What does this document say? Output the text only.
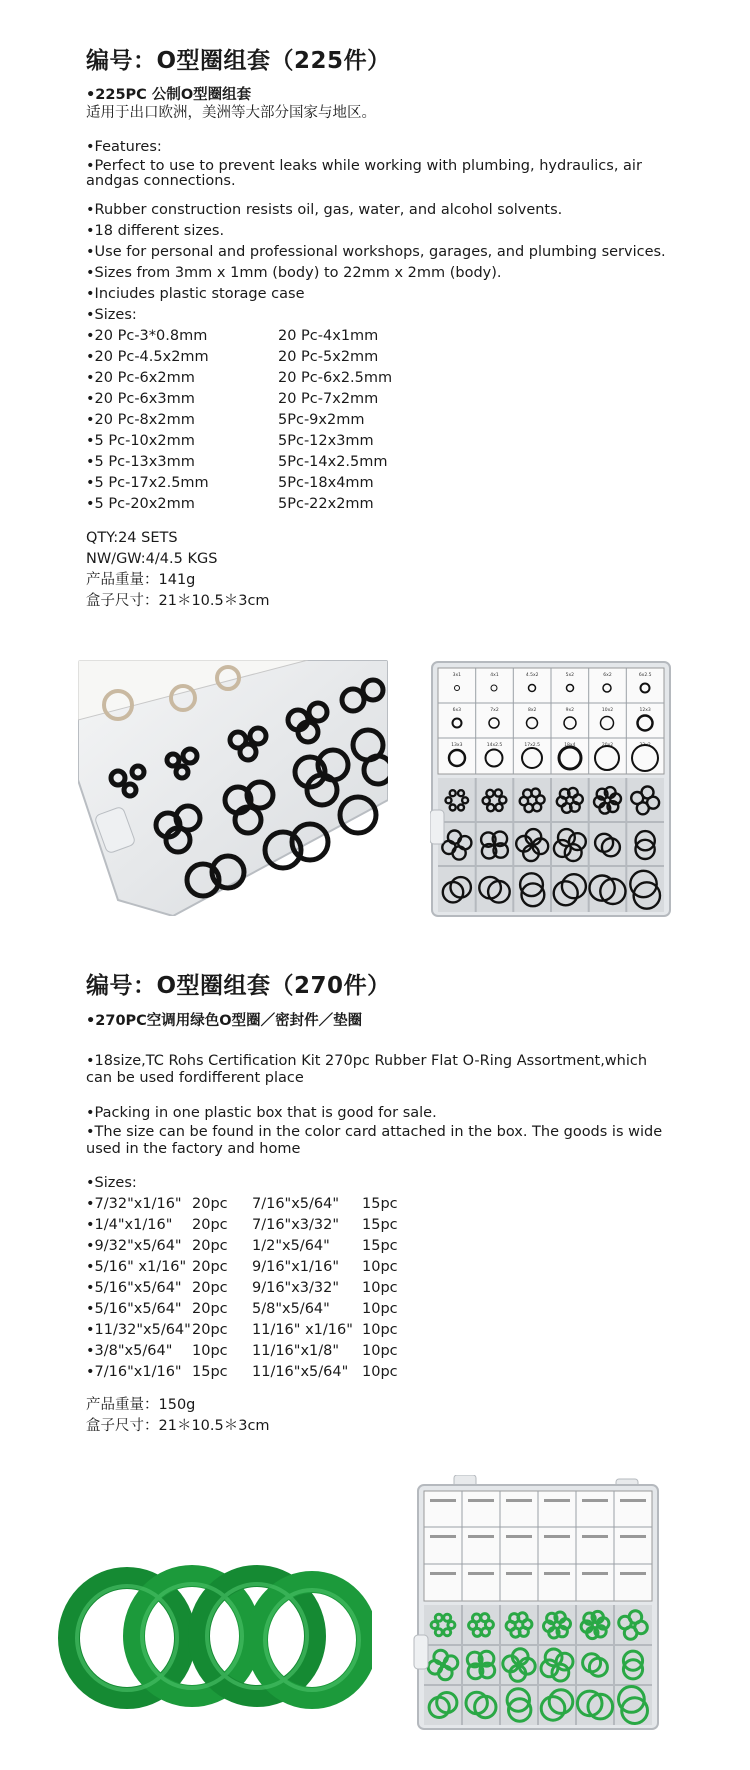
编号：O型圈组套（225件）
•225PC 公制O型圈组套
适用于出口欧洲，美洲等大部分国家与地区。
•Features:
•Perfect to use to prevent leaks while working with plumbing, hydraulics, air andgas connections.
•Rubber construction resists oil, gas, water, and alcohol solvents.
•18 different sizes.
•Use for personal and professional workshops, garages, and plumbing services.
•Sizes from 3mm x 1mm (body) to 22mm x 2mm (body).
•Inciudes plastic storage case
•Sizes:
•20 Pc-3*0.8mm	20 Pc-4x1mm
•20 Pc-4.5x2mm	20 Pc-5x2mm
•20 Pc-6x2mm	20 Pc-6x2.5mm
•20 Pc-6x3mm	20 Pc-7x2mm
•20 Pc-8x2mm	5Pc-9x2mm
•5 Pc-10x2mm	5Pc-12x3mm
•5 Pc-13x3mm	5Pc-14x2.5mm
•5 Pc-17x2.5mm	5Pc-18x4mm
•5 Pc-20x2mm	5Pc-22x2mm
QTY:24 SETS
NW/GW:4/4.5 KGS
产品重量：141g
盒子尺寸：21＊10.5＊3cm
3x1	4x1	4.5x2	5x2	6x2	6x2.5
6x3	7x2	8x2	9x2	10x2	12x3
13x3	14x2.5	17x2.5	18x4	20x2	22x2
编号：O型圈组套（270件）
•270PC空调用绿色O型圈／密封件／垫圈
•18size,TC Rohs Certification Kit 270pc Rubber Flat O-Ring Assortment,which can be used fordifferent place
•Packing in one plastic box that is good for sale.
•The size can be found in the color card attached in the box. The goods is wide used in the factory and home
•Sizes:
•7/32"x1/16" 20pc 7/16"x5/64" 15pc
•1/4"x1/16" 20pc 7/16"x3/32" 15pc
•9/32"x5/64" 20pc 1/2"x5/64" 15pc
•5/16" x1/16" 20pc 9/16"x1/16" 10pc
•5/16"x5/64" 20pc 9/16"x3/32" 10pc
•5/16"x5/64" 20pc 5/8"x5/64" 10pc
•11/32"x5/64" 20pc 11/16" x1/16" 10pc
•3/8"x5/64" 10pc 11/16"x1/8" 10pc
•7/16"x1/16" 15pc 11/16"x5/64" 10pc
产品重量：150g
盒子尺寸：21＊10.5＊3cm
